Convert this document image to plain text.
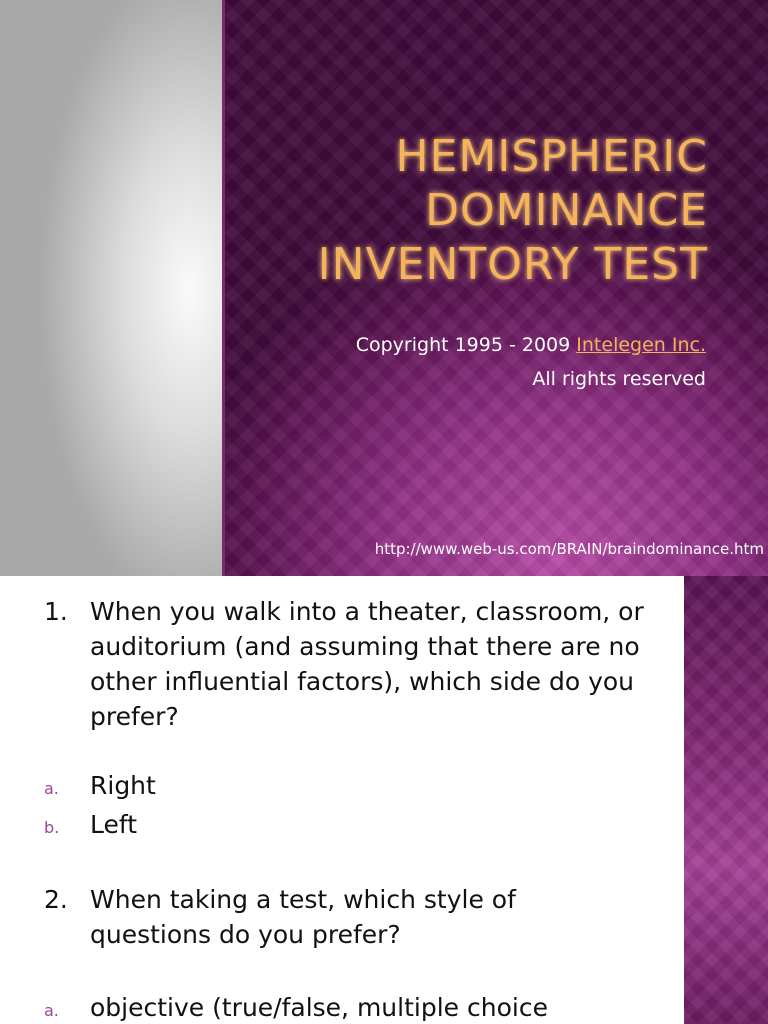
HEMISPHERIC
DOMINANCE
INVENTORY TEST
Copyright 1995 - 2009 Intelegen Inc.
All rights reserved
http://www.web-us.com/BRAIN/braindominance.htm
1. When you walk into a theater, classroom, or auditorium (and assuming that there are no other influential factors), which side do you prefer?
a. Right
b. Left
2. When taking a test, which style of questions do you prefer?
a. objective (true/false, multiple choice
